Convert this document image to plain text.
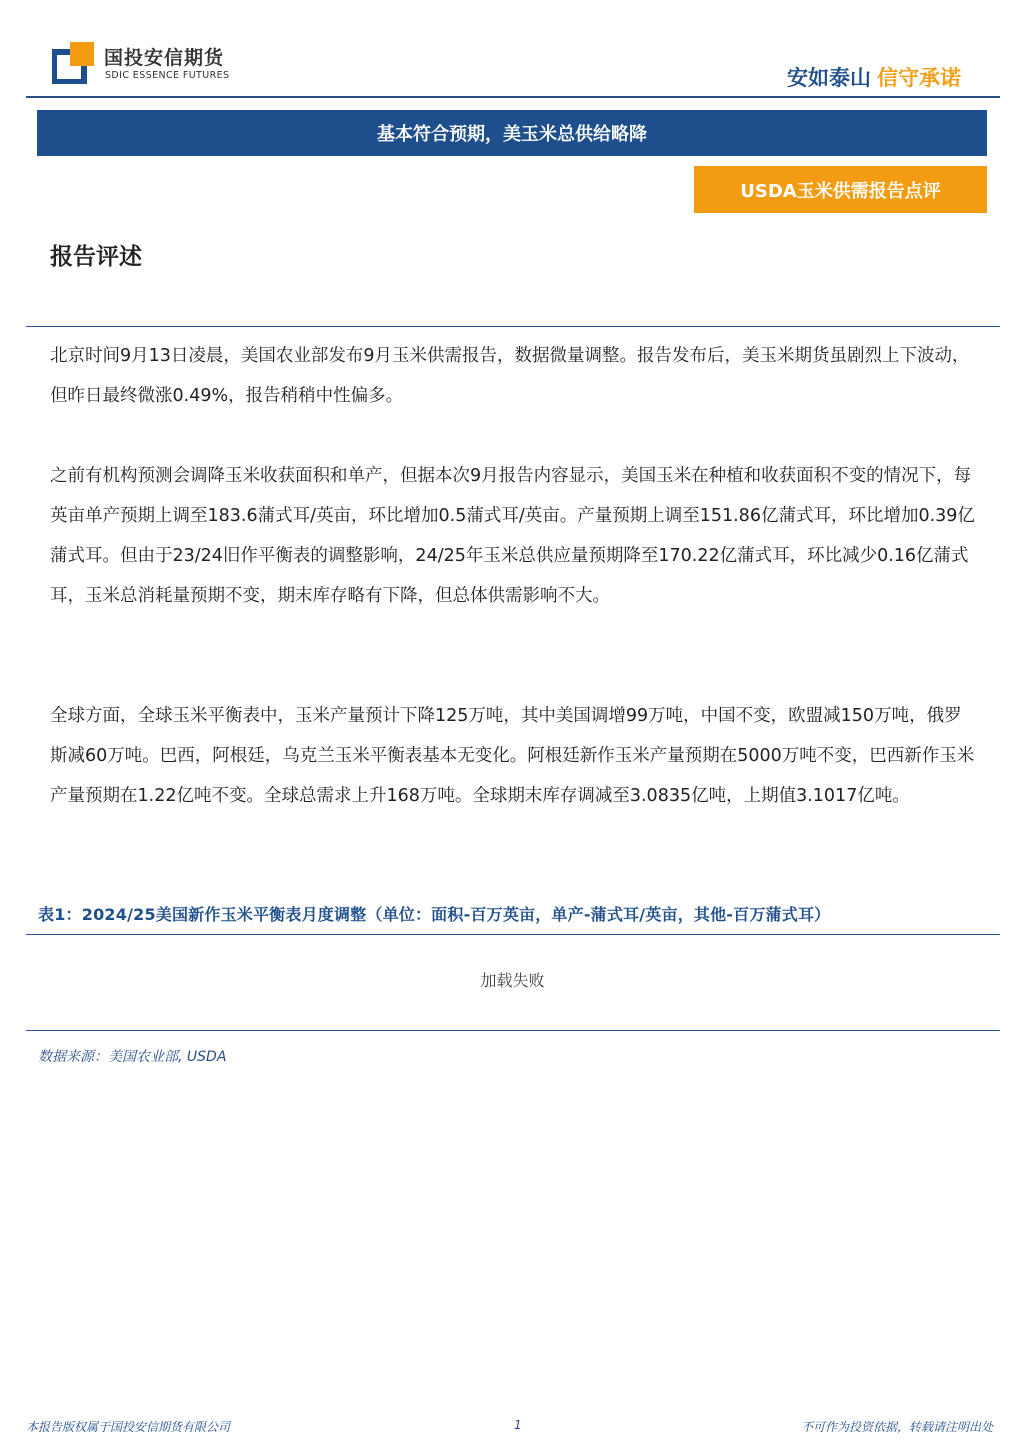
国投安信期货
SDIC ESSENCE FUTURES	安如泰山 信守承诺
基本符合预期，美玉米总供给略降
USDA玉米供需报告点评
报告评述
北京时间9月13日凌晨，美国农业部发布9月玉米供需报告，数据微量调整。报告发布后，美玉米期货虽剧烈上下波动，但昨日最终微涨0.49%，报告稍稍中性偏多。
之前有机构预测会调降玉米收获面积和单产，但据本次9月报告内容显示，美国玉米在种植和收获面积不变的情况下，每英亩单产预期上调至183.6蒲式耳/英亩，环比增加0.5蒲式耳/英亩。产量预期上调至151.86亿蒲式耳，环比增加0.39亿蒲式耳。但由于23/24旧作平衡表的调整影响，24/25年玉米总供应量预期降至170.22亿蒲式耳，环比减少0.16亿蒲式耳，玉米总消耗量预期不变，期末库存略有下降，但总体供需影响不大。
全球方面，全球玉米平衡表中，玉米产量预计下降125万吨，其中美国调增99万吨，中国不变，欧盟减150万吨，俄罗斯减60万吨。巴西，阿根廷，乌克兰玉米平衡表基本无变化。阿根廷新作玉米产量预期在5000万吨不变，巴西新作玉米产量预期在1.22亿吨不变。全球总需求上升168万吨。全球期末库存调减至3.0835亿吨，上期值3.1017亿吨。
表1：2024/25美国新作玉米平衡表月度调整（单位：面积-百万英亩，单产-蒲式耳/英亩，其他-百万蒲式耳）
加载失败
数据来源：美国农业部, USDA
本报告版权属于国投安信期货有限公司	1	不可作为投资依据，转载请注明出处
